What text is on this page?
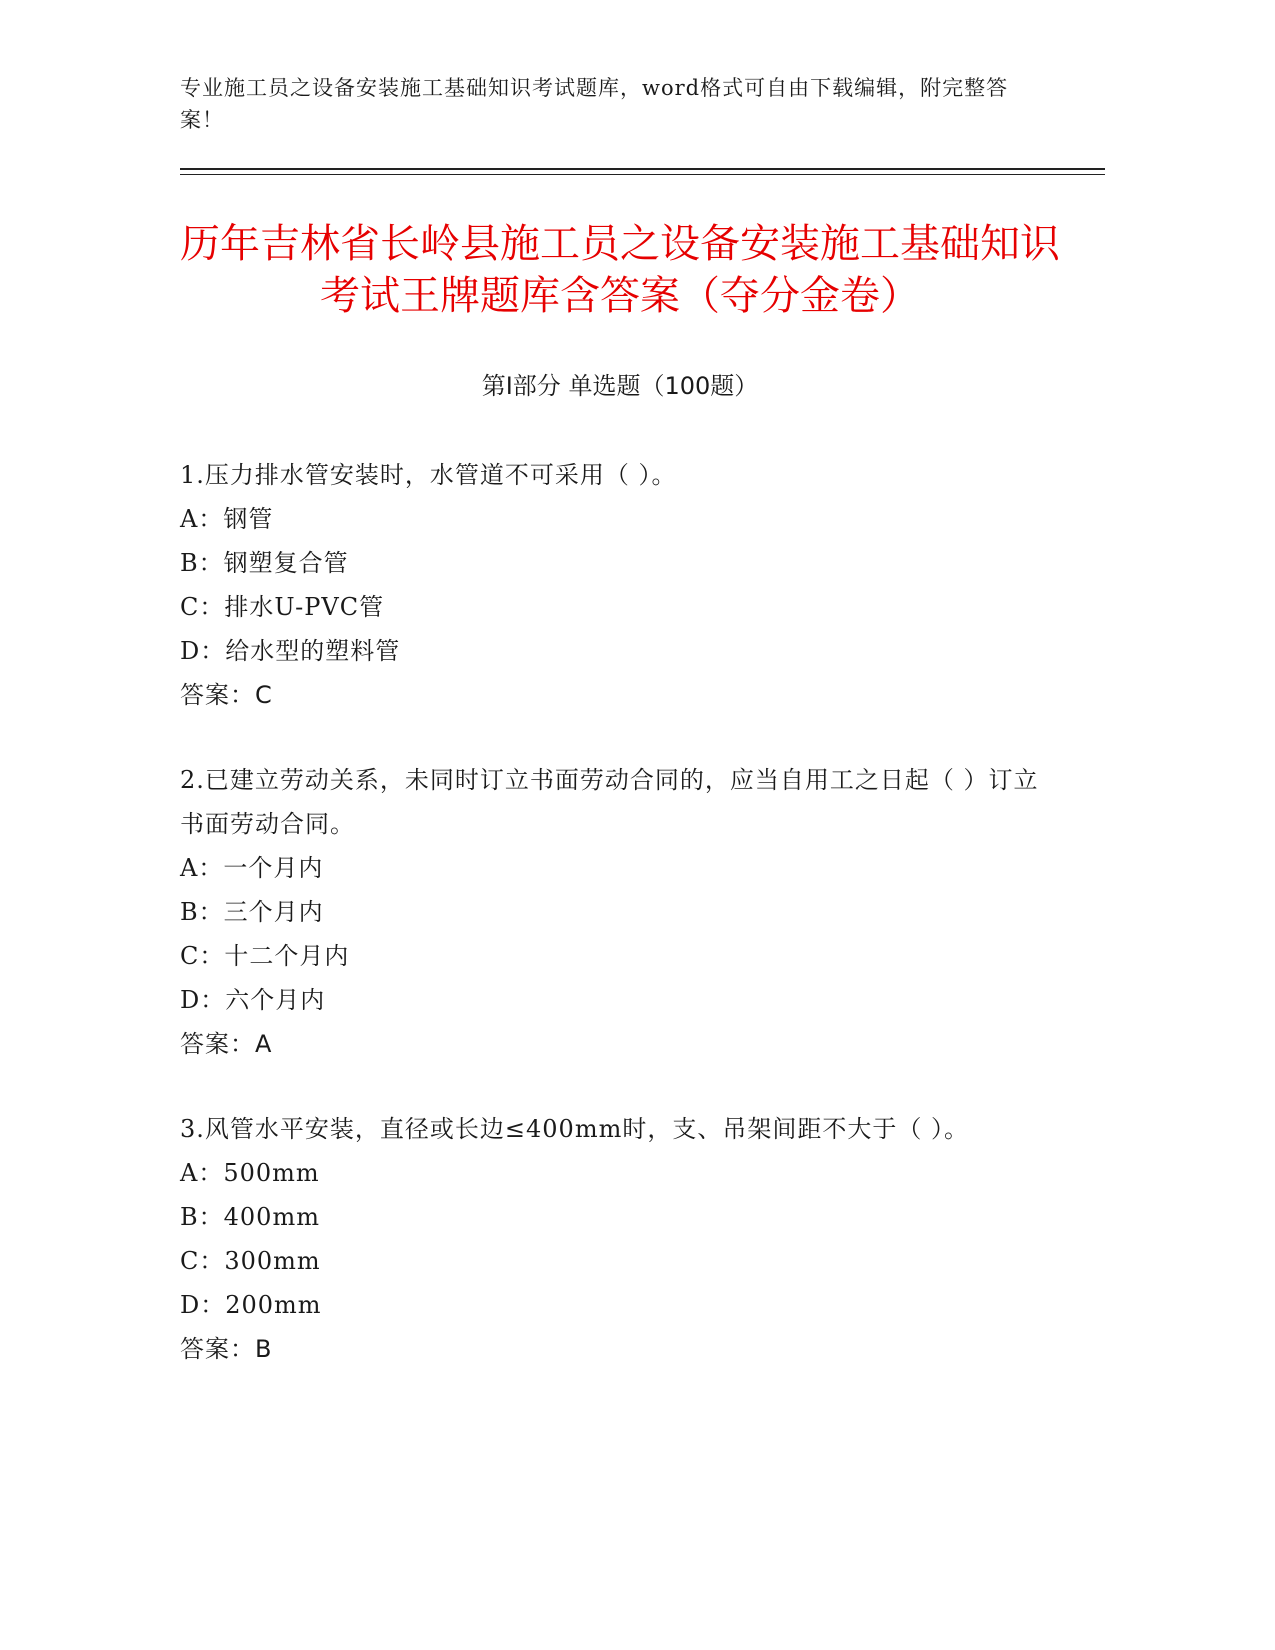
专业施工员之设备安装施工基础知识考试题库，word格式可自由下载编辑，附完整答案！
历年吉林省长岭县施工员之设备安装施工基础知识考试王牌题库含答案（夺分金卷）
第Ⅰ部分 单选题（100题）
1.压力排水管安装时，水管道不可采用（ ）。
A：钢管
B：钢塑复合管
C：排水U-PVC管
D：给水型的塑料管
答案：C
2.已建立劳动关系，未同时订立书面劳动合同的，应当自用工之日起（ ）订立书面劳动合同。
A：一个月内
B：三个月内
C：十二个月内
D：六个月内
答案：A
3.风管水平安装，直径或长边≤400mm时，支、吊架间距不大于（ ）。
A：500mm
B：400mm
C：300mm
D：200mm
答案：B
